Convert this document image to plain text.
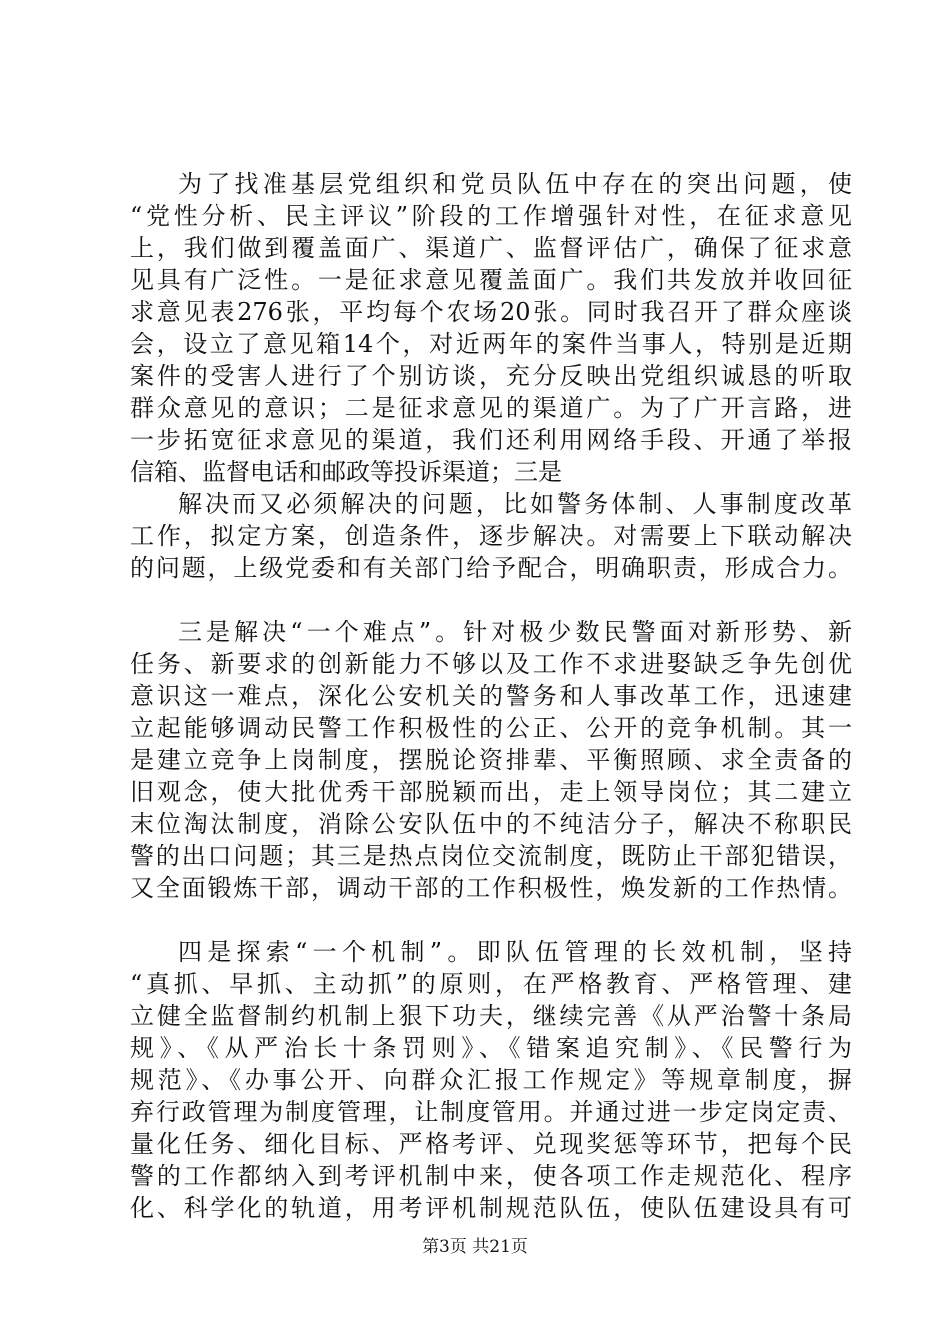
为了找准基层党组织和党员队伍中存在的突出问题，使
“党性分析、民主评议”阶段的工作增强针对性，在征求意见
上，我们做到覆盖面广、渠道广、监督评估广，确保了征求意
见具有广泛性。一是征求意见覆盖面广。我们共发放并收回征
求意见表276张，平均每个农场20张。同时我召开了群众座谈
会，设立了意见箱14个，对近两年的案件当事人，特别是近期
案件的受害人进行了个别访谈，充分反映出党组织诚恳的听取
群众意见的意识；二是征求意见的渠道广。为了广开言路，进
一步拓宽征求意见的渠道，我们还利用网络手段、开通了举报
信箱、监督电话和邮政等投诉渠道；三是
解决而又必须解决的问题，比如警务体制、人事制度改革
工作，拟定方案，创造条件，逐步解决。对需要上下联动解决
的问题，上级党委和有关部门给予配合，明确职责，形成合力。
三是解决“一个难点”。针对极少数民警面对新形势、新
任务、新要求的创新能力不够以及工作不求进娶缺乏争先创优
意识这一难点，深化公安机关的警务和人事改革工作，迅速建
立起能够调动民警工作积极性的公正、公开的竞争机制。其一
是建立竞争上岗制度，摆脱论资排辈、平衡照顾、求全责备的
旧观念，使大批优秀干部脱颖而出，走上领导岗位；其二建立
末位淘汰制度，消除公安队伍中的不纯洁分子，解决不称职民
警的出口问题；其三是热点岗位交流制度，既防止干部犯错误，
又全面锻炼干部，调动干部的工作积极性，焕发新的工作热情。
四是探索“一个机制”。即队伍管理的长效机制，坚持
“真抓、早抓、主动抓”的原则，在严格教育、严格管理、建
立健全监督制约机制上狠下功夫，继续完善《从严治警十条局
规》、《从严治长十条罚则》、《错案追究制》、《民警行为
规范》、《办事公开、向群众汇报工作规定》等规章制度，摒
弃行政管理为制度管理，让制度管用。并通过进一步定岗定责、
量化任务、细化目标、严格考评、兑现奖惩等环节，把每个民
警的工作都纳入到考评机制中来，使各项工作走规范化、程序
化、科学化的轨道，用考评机制规范队伍，使队伍建设具有可
第3页 共21页
